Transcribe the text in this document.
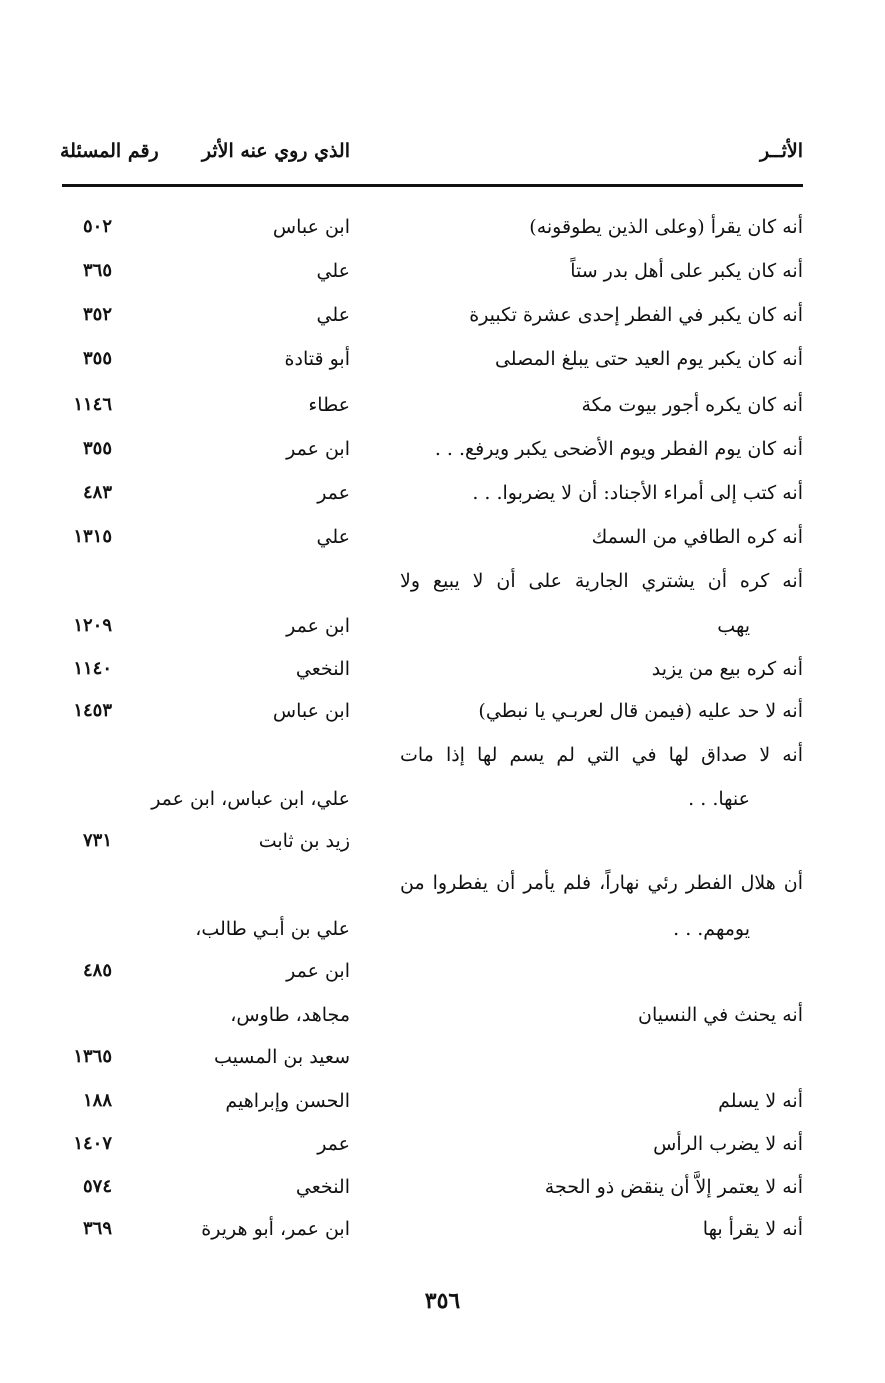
الأثــر
الذي روي عنه الأثر
رقم المسئلة
أنه كان يقرأ (وعلى الذين يطوقونه)
ابن عباس
٥٠٢
أنه كان يكبر على أهل بدر ستاً
علي
٣٦٥
أنه كان يكبر في الفطر إحدى عشرة تكبيرة
علي
٣٥٢
أنه كان يكبر يوم العيد حتى يبلغ المصلى
أبو قتادة
٣٥٥
أنه كان يكره أجور بيوت مكة
عطاء
١١٤٦
أنه كان يوم الفطر ويوم الأضحى يكبر ويرفع. . .
ابن عمر
٣٥٥
أنه كتب إلى أمراء الأجناد: أن لا يضربوا. . .
عمر
٤٨٣
أنه كره الطافي من السمك
علي
١٣١٥
أنه كره أن يشتري الجارية على أن لا يبيع ولا
يهب
ابن عمر
١٢٠٩
أنه كره بيع من يزيد
النخعي
١١٤٠
أنه لا حد عليه (فيمن قال لعربـي يا نبطي)
ابن عباس
١٤٥٣
أنه لا صداق لها في التي لم يسم لها إذا مات
عنها. . .
علي، ابن عباس، ابن عمر
زيد بن ثابت
٧٣١
أن هلال الفطر رئي نهاراً، فلم يأمر أن يفطروا من
يومهم. . .
علي بن أبـي طالب،
ابن عمر
٤٨٥
أنه يحنث في النسيان
مجاهد، طاوس،
سعيد بن المسيب
١٣٦٥
أنه لا يسلم
الحسن وإبراهيم
١٨٨
أنه لا يضرب الرأس
عمر
١٤٠٧
أنه لا يعتمر إلاَّ أن ينقض ذو الحجة
النخعي
٥٧٤
أنه لا يقرأ بها
ابن عمر، أبو هريرة
٣٦٩
٣٥٦
